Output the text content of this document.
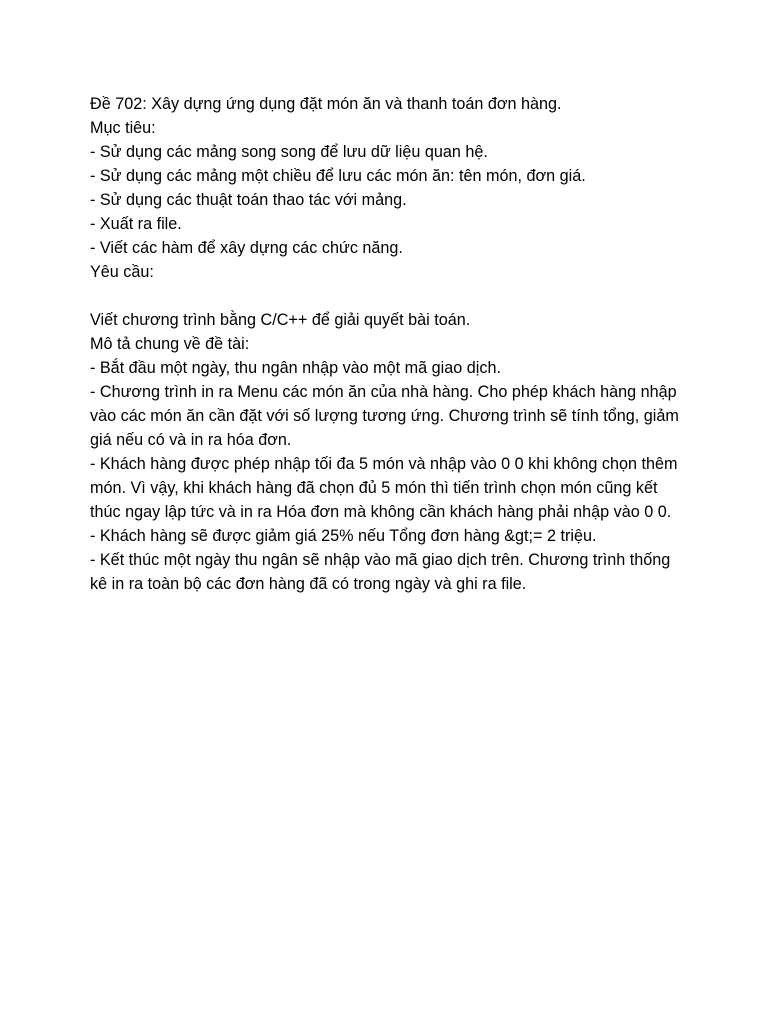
Đề 702: Xây dựng ứng dụng đặt món ăn và thanh toán đơn hàng.
Mục tiêu:
- Sử dụng các mảng song song để lưu dữ liệu quan hệ.
- Sử dụng các mảng một chiều để lưu các món ăn: tên món, đơn giá.
- Sử dụng các thuật toán thao tác với mảng.
- Xuất ra file.
- Viết các hàm để xây dựng các chức năng.
Yêu cầu:
Viết chương trình bằng C/C++ để giải quyết bài toán.
Mô tả chung về đề tài:
- Bắt đầu một ngày, thu ngân nhập vào một mã giao dịch.
- Chương trình in ra Menu các món ăn của nhà hàng. Cho phép khách hàng nhập
vào các món ăn cần đặt với số lượng tương ứng. Chương trình sẽ tính tổng, giảm
giá nếu có và in ra hóa đơn.
- Khách hàng được phép nhập tối đa 5 món và nhập vào 0 0 khi không chọn thêm
món. Vì vậy, khi khách hàng đã chọn đủ 5 món thì tiến trình chọn món cũng kết
thúc ngay lập tức và in ra Hóa đơn mà không cần khách hàng phải nhập vào 0 0.
- Khách hàng sẽ được giảm giá 25% nếu Tổng đơn hàng &gt;= 2 triệu.
- Kết thúc một ngày thu ngân sẽ nhập vào mã giao dịch trên. Chương trình thống
kê in ra toàn bộ các đơn hàng đã có trong ngày và ghi ra file.
